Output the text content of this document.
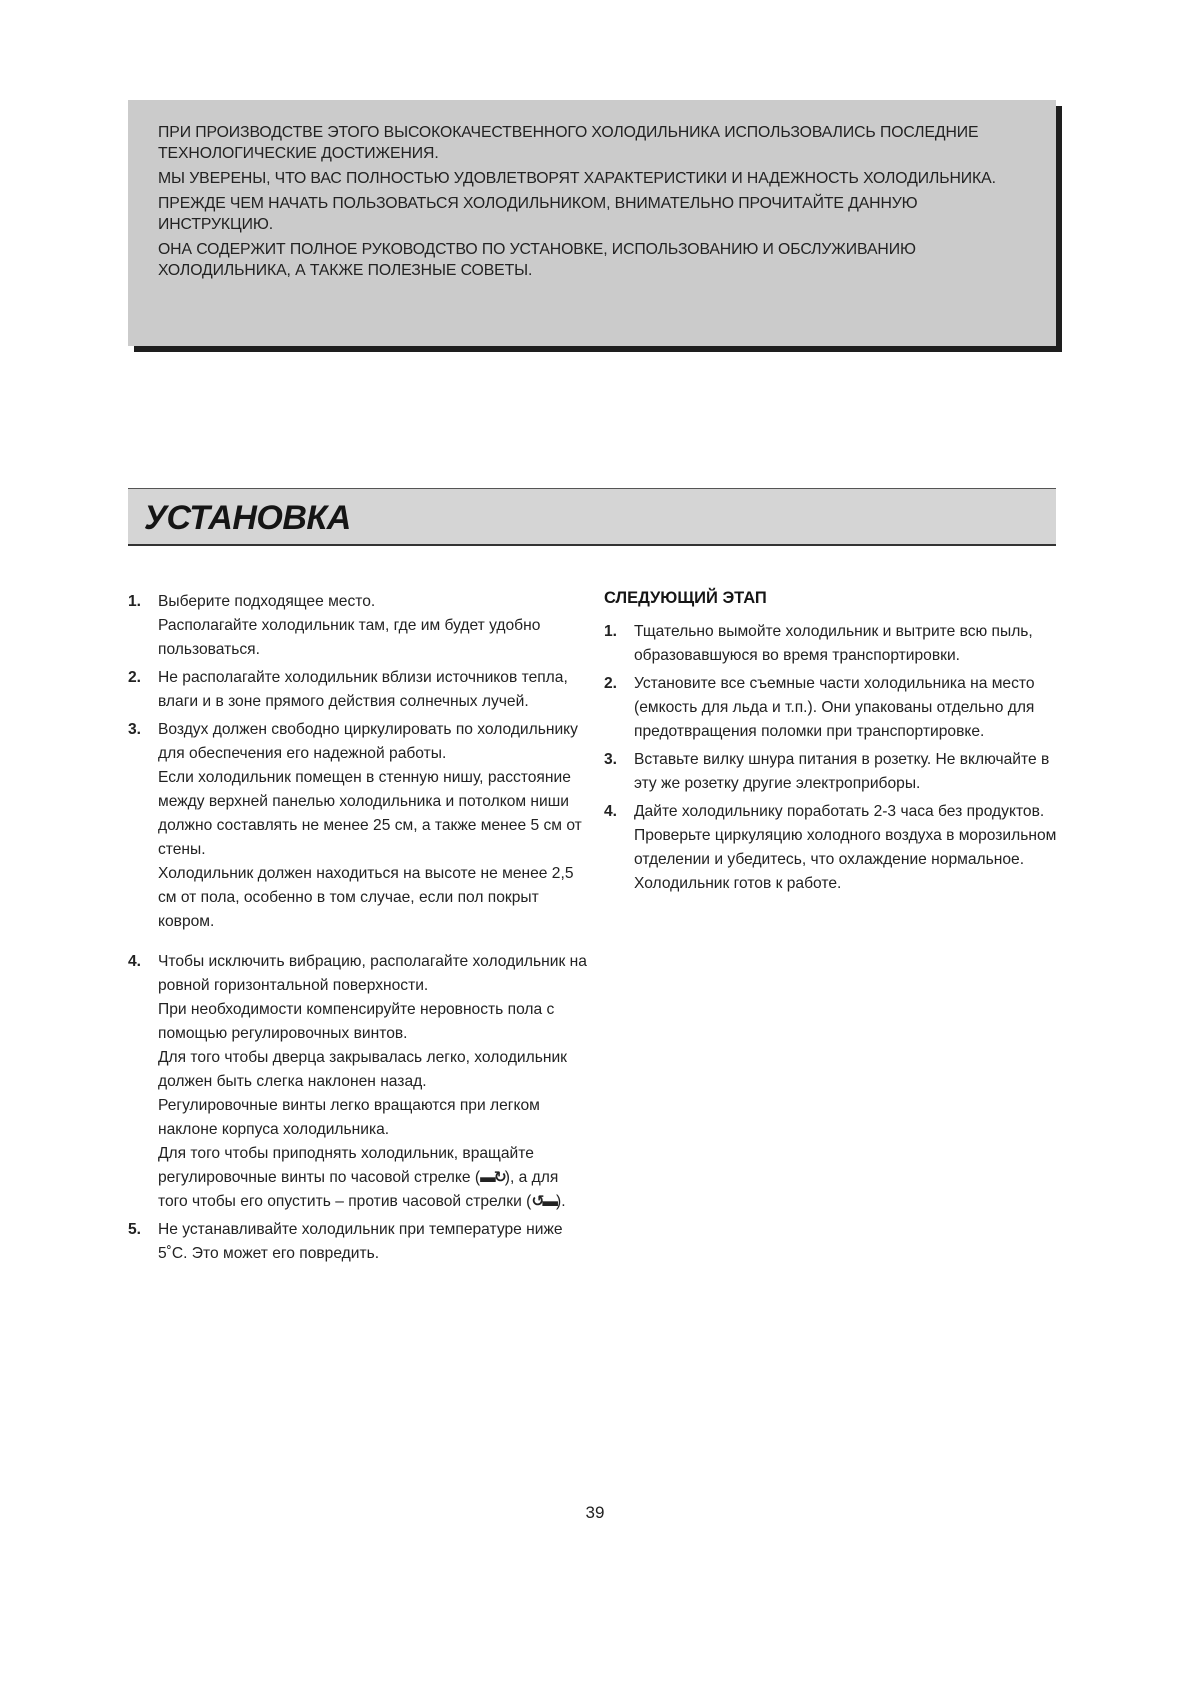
ПРИ ПРОИЗВОДСТВЕ ЭТОГО ВЫСОКОКАЧЕСТВЕННОГО ХОЛОДИЛЬНИКА ИСПОЛЬЗОВАЛИСЬ ПОСЛЕДНИЕ ТЕХНОЛОГИЧЕСКИЕ ДОСТИЖЕНИЯ.

МЫ УВЕРЕНЫ, ЧТО ВАС ПОЛНОСТЬЮ УДОВЛЕТВОРЯТ ХАРАКТЕРИСТИКИ И НАДЕЖНОСТЬ ХОЛОДИЛЬНИКА.

ПРЕЖДЕ ЧЕМ НАЧАТЬ ПОЛЬЗОВАТЬСЯ ХОЛОДИЛЬНИКОМ, ВНИМАТЕЛЬНО ПРОЧИТАЙТЕ ДАННУЮ ИНСТРУКЦИЮ.

ОНА СОДЕРЖИТ ПОЛНОЕ РУКОВОДСТВО ПО УСТАНОВКЕ, ИСПОЛЬЗОВАНИЮ И ОБСЛУЖИВАНИЮ ХОЛОДИЛЬНИКА, А ТАКЖЕ ПОЛЕЗНЫЕ СОВЕТЫ.

УСТАНОВКА
1. Выберите подходящее место.

Располагайте холодильник там, где им будет удобно пользоваться.

2. Не располагайте холодильник вблизи источников тепла, влаги и в зоне прямого действия солнечных лучей.

3. Воздух должен свободно циркулировать по холодильнику для обеспечения его надежной работы.

Если холодильник помещен в стенную нишу, расстояние между верхней панелью холодильника и потолком ниши должно составлять не менее 25 см, а также менее 5 см от стены.

Холодильник должен находиться на высоте не менее 2,5 см от пола, особенно в том случае, если пол покрыт ковром.

4. Чтобы исключить вибрацию, располагайте холодильник на ровной горизонтальной поверхности.

При необходимости компенсируйте неровность пола с помощью регулировочных винтов.

Для того чтобы дверца закрывалась легко, холодильник должен быть слегка наклонен назад.

Регулировочные винты легко вращаются при легком наклоне корпуса холодильника.

Для того чтобы приподнять холодильник, вращайте регулировочные винты по часовой стрелке (▬↻), а для того чтобы его опустить – против часовой стрелки (↺▬).

5. Не устанавливайте холодильник при температуре ниже 5˚С. Это может его повредить.

СЛЕДУЮЩИЙ ЭТАП
1. Тщательно вымойте холодильник и вытрите всю пыль, образовавшуюся во время транспортировки.

2. Установите все съемные части холодильника на место (емкость для льда и т.п.). Они упакованы отдельно для предотвращения поломки при транспортировке.

3. Вставьте вилку шнура питания в розетку. Не включайте в эту же розетку другие электроприборы.

4. Дайте холодильнику поработать 2-3 часа без продуктов.

Проверьте циркуляцию холодного воздуха в морозильном отделении и убедитесь, что охлаждение нормальное.

Холодильник готов к работе.

39
